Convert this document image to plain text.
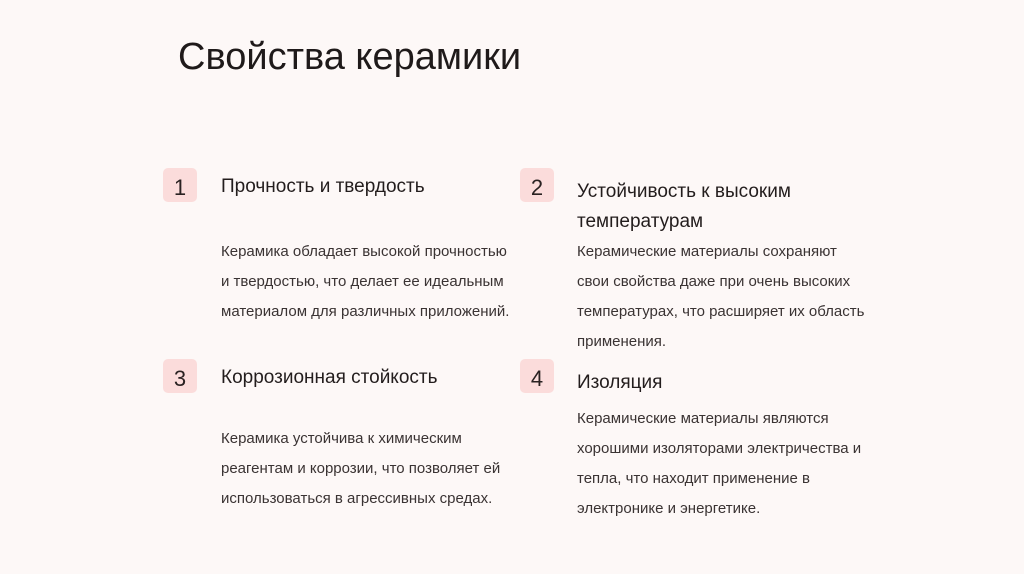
Свойства керамики
1 Прочность и твердость
Керамика обладает высокой прочностью и твердостью, что делает ее идеальным материалом для различных приложений.
2 Устойчивость к высоким температурам
Керамические материалы сохраняют свои свойства даже при очень высоких температурах, что расширяет их область применения.
3 Коррозионная стойкость
Керамика устойчива к химическим реагентам и коррозии, что позволяет ей использоваться в агрессивных средах.
4 Изоляция
Керамические материалы являются хорошими изоляторами электричества и тепла, что находит применение в электронике и энергетике.
